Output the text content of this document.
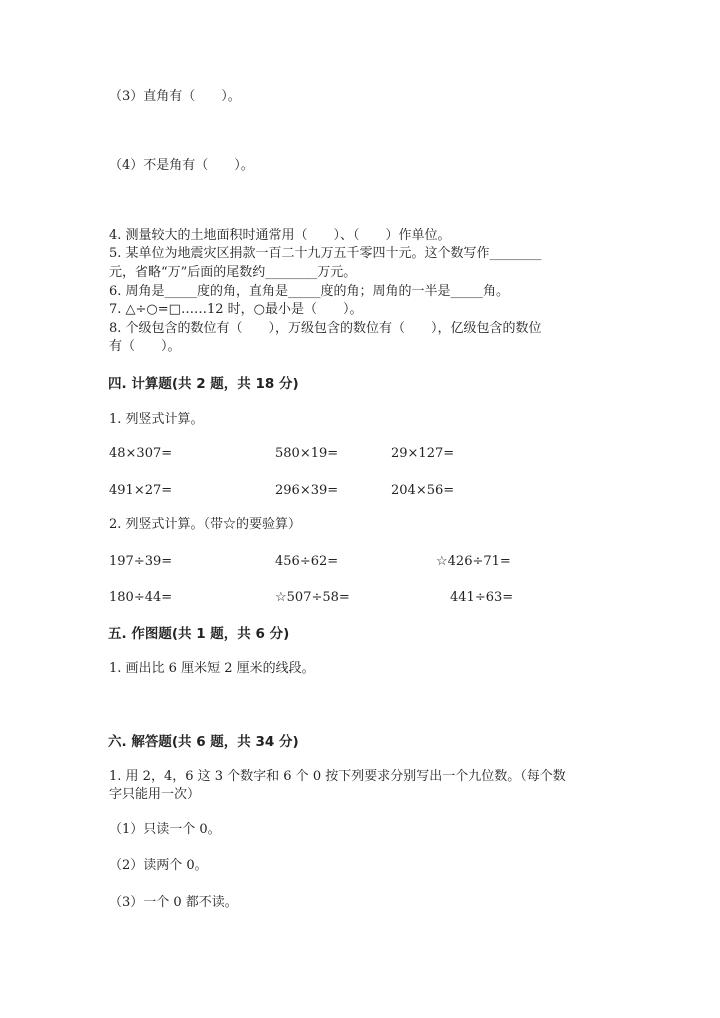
（3）直角有（　　）。
（4）不是角有（　　）。
4. 测量较大的土地面积时通常用（　　）、（　　）作单位。
5. 某单位为地震灾区捐款一百二十九万五千零四十元。这个数写作________
元，省略“万”后面的尾数约________万元。
6. 周角是_____度的角，直角是_____度的角；周角的一半是_____角。
7. △÷○=□……12 时，○最小是（　　）。
8. 个级包含的数位有（　　），万级包含的数位有（　　），亿级包含的数位
有（　　）。
四. 计算题(共 2 题，共 18 分)
1. 列竖式计算。
48×307=	580×19=	29×127=
491×27=	296×39=	204×56=
2. 列竖式计算。（带☆的要验算）
197÷39=	456÷62=	☆426÷71=
180÷44=	☆507÷58=	441÷63=
五. 作图题(共 1 题，共 6 分)
1. 画出比 6 厘米短 2 厘米的线段。
六. 解答题(共 6 题，共 34 分)
1. 用 2，4，6 这 3 个数字和 6 个 0 按下列要求分别写出一个九位数。（每个数
字只能用一次）
（1）只读一个 0。
（2）读两个 0。
（3）一个 0 都不读。
